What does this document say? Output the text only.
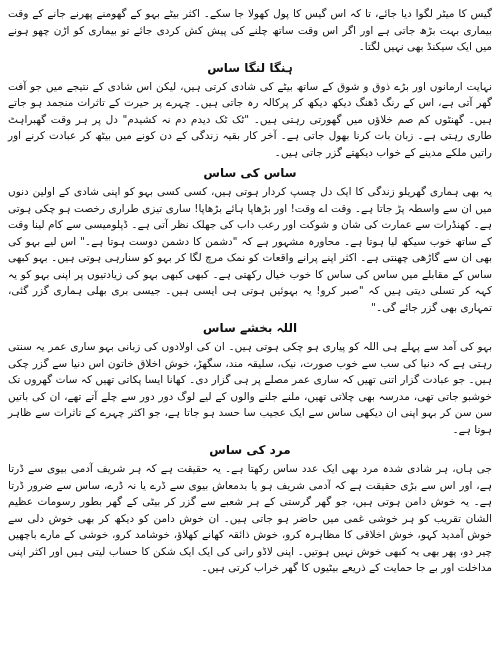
گیس کا میٹر لگوا دیا جائے، تا کہ اس گیس کا پول کھولا جا سکے۔ اکثر بیٹے بہو کے گھومنے پھرنے جانے کے وقت بیماری بہت بڑھ جاتی ہے اور اگر اس وقت ساتھ چلنے کی پیش کش کردی جائے تو بیماری کو اڑن چھو ہونے میں ایک سیکنڈ بھی نہیں لگتا۔

ہنگا لنگا ساس

نہایت ارمانوں اور بڑے ذوق و شوق کے ساتھ بیٹے کی شادی کرتی ہیں، لیکن اس شادی کے نتیجے میں جو آفت گھر آتی ہے، اس کے رنگ ڈھنگ دیکھ دیکھ کر پرکالہ رہ جاتی ہیں۔ چہرے پر حیرت کے تاثرات منجمد ہو جاتے ہیں۔ گھنٹوں کم صم خلاؤں میں گھورتی رہتی ہیں۔ "ٹک ٹک دیدم دم نہ کشیدم" دل پر ہر وقت گھبراہٹ طاری رہتی ہے۔ زبان بات کرنا بھول جاتی ہے۔ آخر کار بقیہ زندگی کے دن کونے میں بیٹھ کر عبادت کرنے اور راتیں ملکے مدینے کے خواب دیکھتے گزر جاتی ہیں۔

ساس کی ساس

یہ بھی ہماری گھریلو زندگی کا ایک دل چسپ کردار ہوتی ہیں، کسی کسی بہو کو اپنی شادی کے اولین دنوں میں ان سے واسطہ پڑ جاتا ہے۔ وقت اے وقت! اور بڑھاپا ہائے بڑھاپا! ساری تیزی طراری رخصت ہو چکی ہوتی ہے۔ کھنڈرات سے عمارت کی شان و شوکت اور رعب داب کی جھلک نظر آتی ہے۔ ڈپلومیسی سے کام لینا وقت کے ساتھ خوب سیکھ لیا ہوتا ہے۔ محاورہ مشہور ہے کہ "دشمن کا دشمن دوست ہوتا ہے۔" اس لیے بہو کی بھی ان سے گاڑھی چھنتی ہے۔ اکثر اپنے پرانے واقعات کو نمک مرچ لگا کر بہو کو سنارہی ہوتی ہیں۔ بہو کبھی ساس کے مقابلے میں ساس کی ساس کا خوب خیال رکھتی ہے۔ کبھی کبھی بہو کی زیادتیوں پر اپنی بہو کو یہ کہہ کر تسلی دیتی ہیں کہ "صبر کرو! یہ بہوئیں ہوتی ہی ایسی ہیں۔ جیسی بری بھلی ہماری گزر گئی، تمہاری بھی گزر جائے گی۔"

اللہ بخشے ساس

بہو کی آمد سے پہلے ہی اللہ کو پیاری ہو چکی ہوتی ہیں۔ ان کی اولادوں کی زبانی بہو ساری عمر یہ سنتی رہتی ہے کہ دنیا کی سب سے خوب صورت، نیک، سلیقہ مند، سگھڑ، خوش اخلاق خاتون اس دنیا سے گزر چکی ہیں۔ جو عبادت گزار اتنی تھیں کہ ساری عمر مصلے پر ہی گزار دی۔ کھانا ایسا پکاتی تھیں کہ سات گھروں تک خوشبو جاتی تھی، مدرسہ بھی چلاتی تھیں، ملنے جلنے والوں کے لیے لوگ دور دور سے چلے آتے تھے، ان کی باتیں سن سن کر بہو اپنی ان دیکھی ساس سے ایک عجیب سا حسد ہو جاتا ہے، جو اکثر چہرے کے تاثرات سے ظاہر ہوتا ہے۔

مرد کی ساس

جی ہاں، ہر شادی شدہ مرد بھی ایک عدد ساس رکھتا ہے۔ یہ حقیقت ہے کہ ہر شریف آدمی بیوی سے ڈرتا ہے، اور اس سے بڑی حقیقت ہے کہ آدمی شریف ہو یا بدمعاش بیوی سے ڈرے یا نہ ڈرے، ساس سے ضرور ڈرتا ہے۔ یہ خوش دامن ہوتی ہیں، جو گھر گرستی کے ہر شعبے سے گزر کر بیٹی کے گھر بطور رسومات عظیم الشان تقریب کو ہر خوشی غمی میں حاضر ہو جاتی ہیں۔ ان خوش دامن کو دیکھ کر بھی خوش دلی سے خوش آمدید کہو، خوش اخلاقی کا مظاہرہ کرو، خوش ذائقہ کھانے کھلاؤ، خوشامد کرو، خوشی کے مارے باچھیں چیر دو، پھر بھی یہ کبھی خوش نہیں ہوتیں۔ اپنی لاڈو رانی کی ایک ایک شکن کا حساب لیتی ہیں اور اکثر اپنی مداخلت اور بے جا حمایت کے ذریعے بیٹیوں کا گھر خراب کرتی ہیں۔
